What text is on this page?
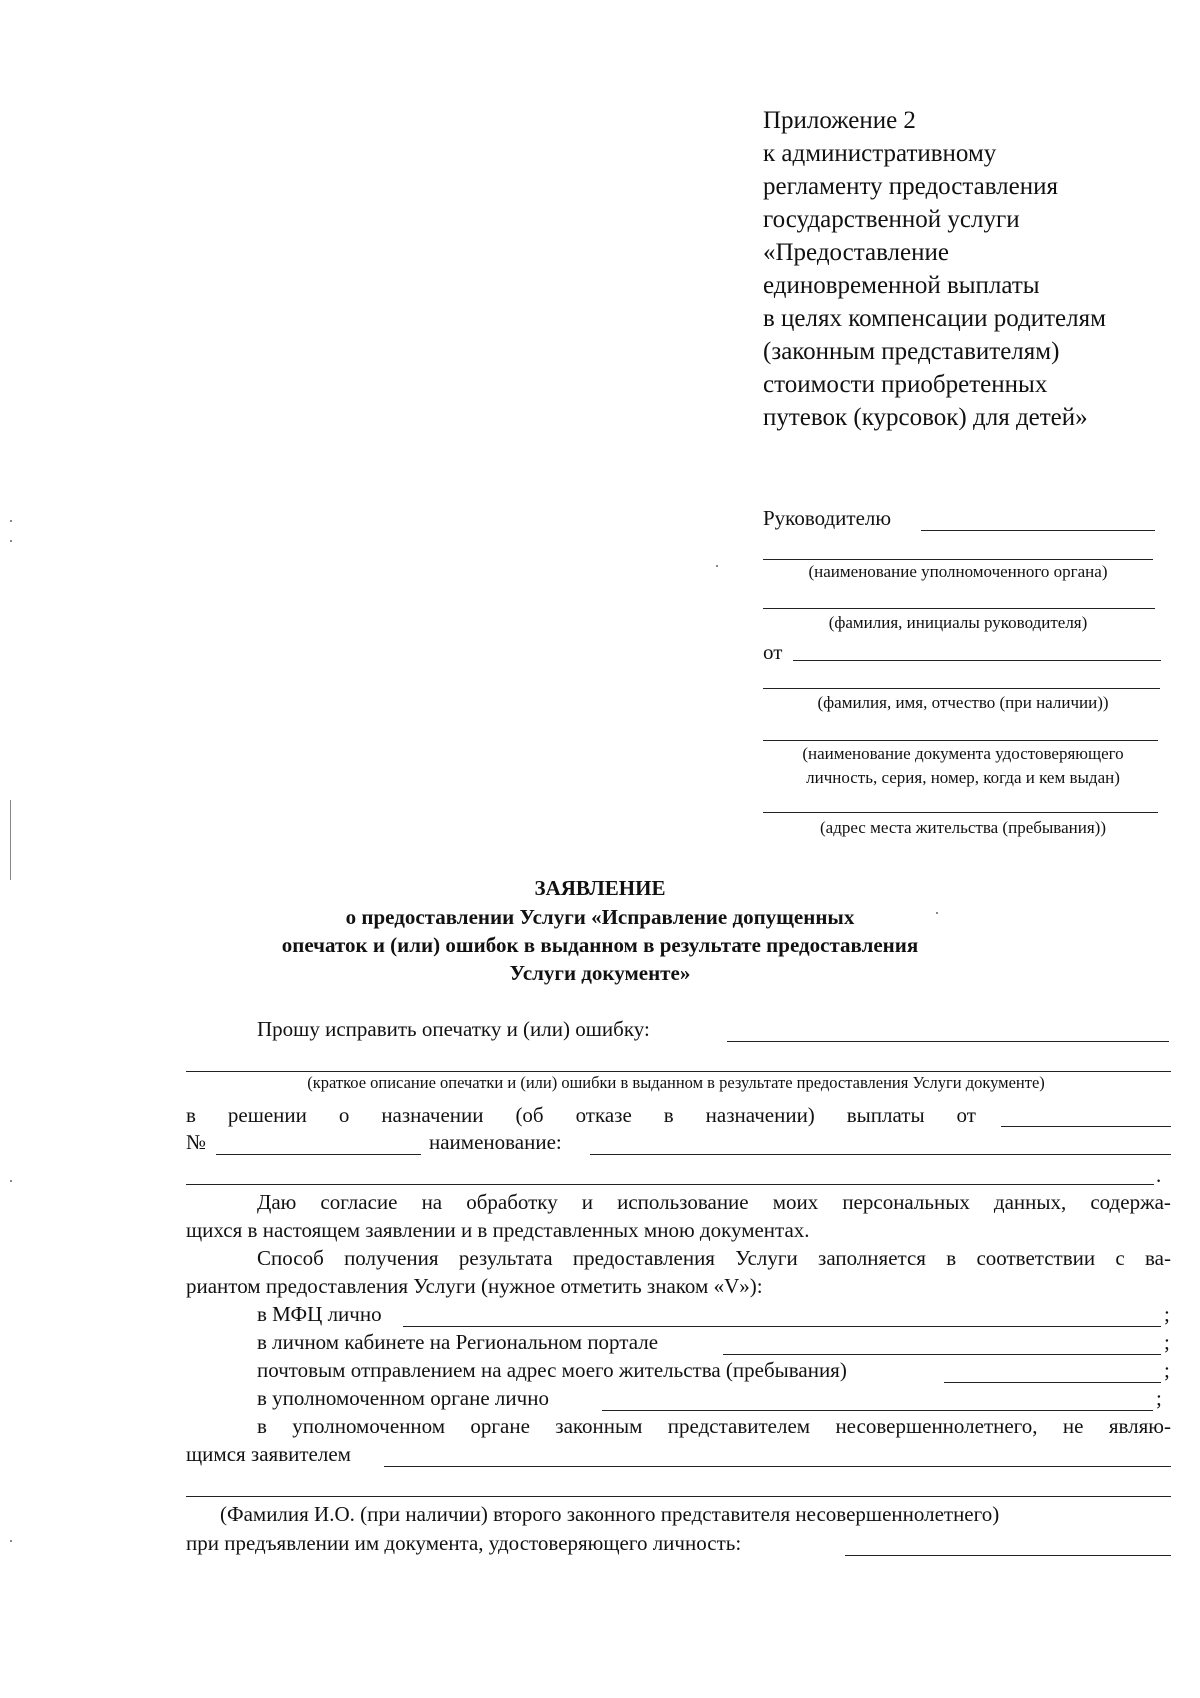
Приложение 2
к административному
регламенту предоставления
государственной услуги
«Предоставление
единовременной выплаты
в целях компенсации родителям
(законным представителям)
стоимости приобретенных
путевок (курсовок) для детей»
Руководителю
(наименование уполномоченного органа)
(фамилия, инициалы руководителя)
от
(фамилия, имя, отчество (при наличии))
(наименование документа удостоверяющего
личность, серия, номер, когда и кем выдан)
(адрес места жительства (пребывания))
ЗАЯВЛЕНИЕ
о предоставлении Услуги «Исправление допущенных
опечаток и (или) ошибок в выданном в результате предоставления
Услуги документе»
Прошу исправить опечатку и (или) ошибку:
(краткое описание опечатки и (или) ошибки в выданном в результате предоставления Услуги документе)
в решении о назначении (об отказе в назначении) выплаты от
№	наименование:
.
Даю согласие на обработку и использование моих персональных данных, содержа-
щихся в настоящем заявлении и в представленных мною документах.
Способ получения результата предоставления Услуги заполняется в соответствии с ва-
риантом предоставления Услуги (нужное отметить знаком «V»):
в МФЦ лично	;
в личном кабинете на Региональном портале	;
почтовым отправлением на адрес моего жительства (пребывания)	;
в уполномоченном органе лично	;
в уполномоченном органе законным представителем несовершеннолетнего, не являю-
щимся заявителем
(Фамилия И.О. (при наличии) второго законного представителя несовершеннолетнего)
при предъявлении им документа, удостоверяющего личность:
